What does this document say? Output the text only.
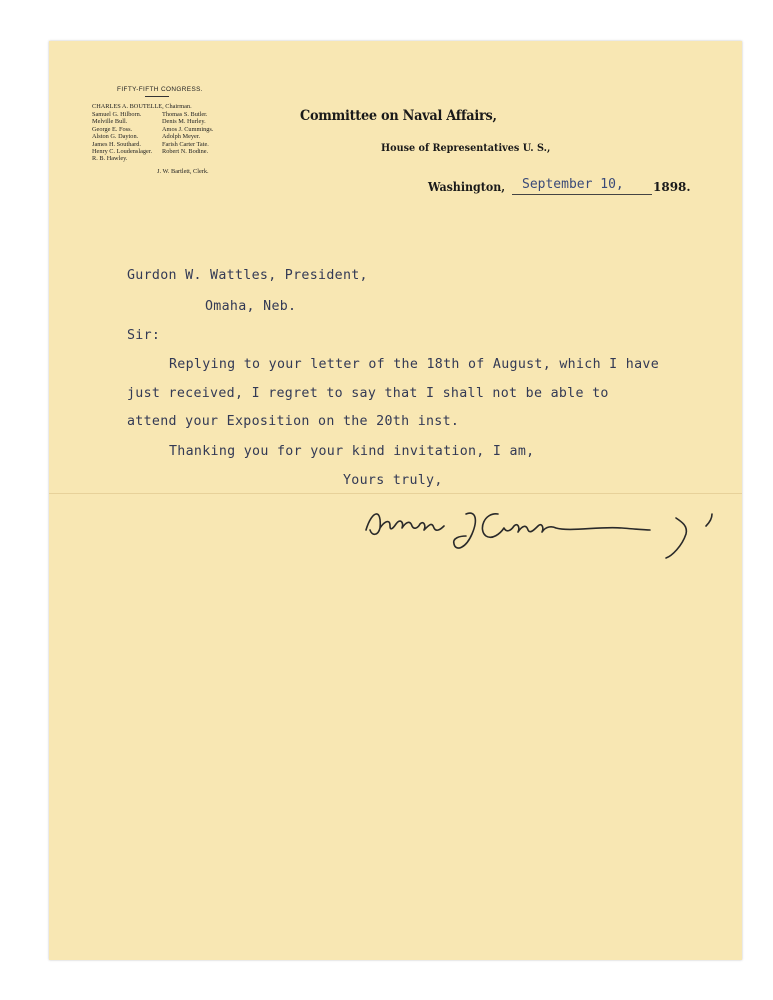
FIFTY-FIFTH CONGRESS.
CHARLES A. BOUTELLE, Chairman.
Samuel G. Hilborn.	Thomas S. Butler.
Melville Bull.	Denis M. Hurley.
George E. Foss.	Amos J. Cummings.
Alston G. Dayton.	Adolph Meyer.
James H. Southard.	Farish Carter Tate.
Henry C. Loudenslager. Robert N. Bodine.
R. B. Hawley.
J. W. Bartlett, Clerk.
Committee on Naval Affairs,
House of Representatives U. S.,
Washington, September 10, 1898.
Gurdon W. Wattles, President,
Omaha, Neb.
Sir:
Replying to your letter of the 18th of August, which I have
just received, I regret to say that I shall not be able to
attend your Exposition on the 20th inst.
Thanking you for your kind invitation, I am,
Yours truly,
